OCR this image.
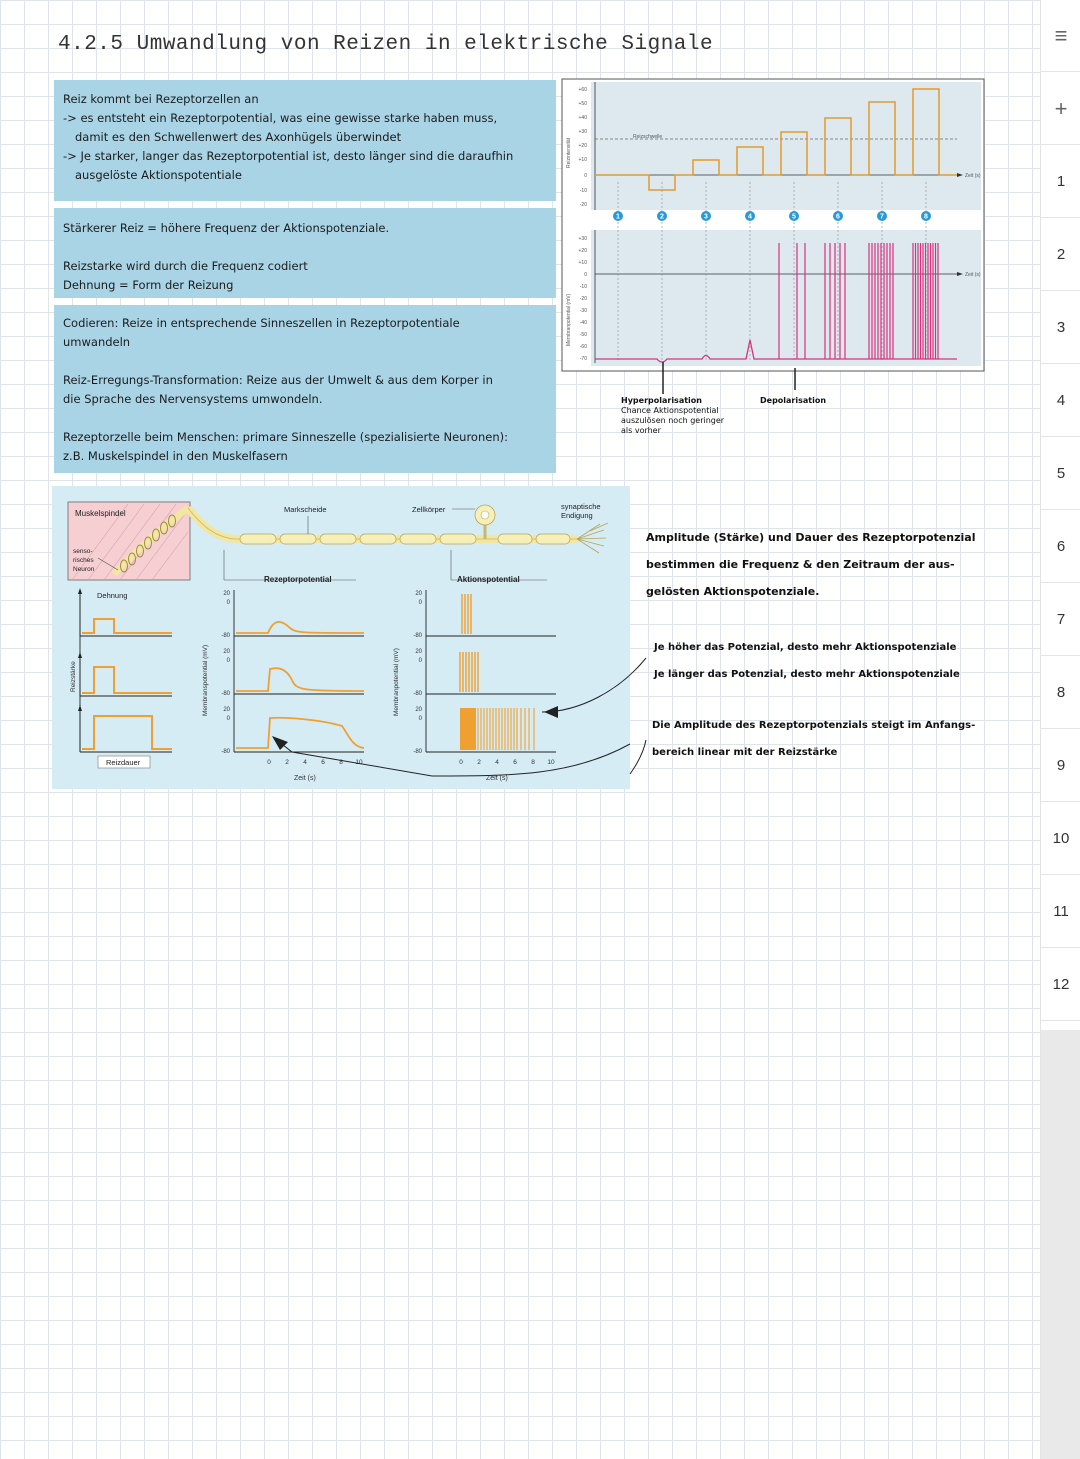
4.2.5 Umwandlung von Reizen in elektrische Signale

Reiz kommt bei Rezeptorzellen an

-> es entsteht ein Rezeptorpotential, was eine gewisse starke haben muss,

damit es den Schwellenwert des Axonhügels überwindet

-> Je starker, langer das Rezeptorpotential ist, desto länger sind die daraufhin

ausgelöste Aktionspotentiale

Stärkerer Reiz = höhere Frequenz der Aktionspotenziale.

Reizstarke wird durch die Frequenz codiert

Dehnung = Form der Reizung

Codieren: Reize in entsprechende Sinneszellen in Rezeptorpotentiale

umwandeln

Reiz-Erregungs-Transformation: Reize aus der Umwelt & aus dem Korper in

die Sprache des Nervensystems umwondeln.

Rezeptorzelle beim Menschen: primare Sinneszelle (spezialisierte Neuronen):

z.B. Muskelspindel in den Muskelfasern

Reizintensität
Membranpotential (mV)
+60
+50
+40
+30
+20
+10
0
-10
-20
+30
+20
+10
0
-10
-20
-30
-40
-50
-60
-70
Zeit (s)
Zeit (s)
Reizschwelle
1	2	3	4	5	6	7	8

Hyperpolarisation

Chance Aktionspotential

auszulösen noch geringer

als vorher

Depolarisation

Muskelspindel
senso-
risches
Neuron
Markscheide	Zellkörper	synaptische
Endigung
Rezeptorpotential	Aktionspotential
Dehnung
Reizstärke
Reizdauer
Membranspotential (mV)
20
0
-80
20
0
-80
20
0
-80
0 2 4 6 8 10
Zeit (s)
Membranpotential (mV)
20
0
-80
20
0
-80
20
0
-80
0 2 4 6 8 10
Zeit (s)

Amplitude (Stärke) und Dauer des Rezeptorpotenzial

bestimmen die Frequenz & den Zeitraum der aus-

gelösten Aktionspotenziale.

Je höher das Potenzial, desto mehr Aktionspotenziale

Je länger das Potenzial, desto mehr Aktionspotenziale

Die Amplitude des Rezeptorpotenzials steigt im Anfangs-

bereich linear mit der Reizstärke

≡
+
1
2
3
4
5
6
7
8
9
10
11
12
